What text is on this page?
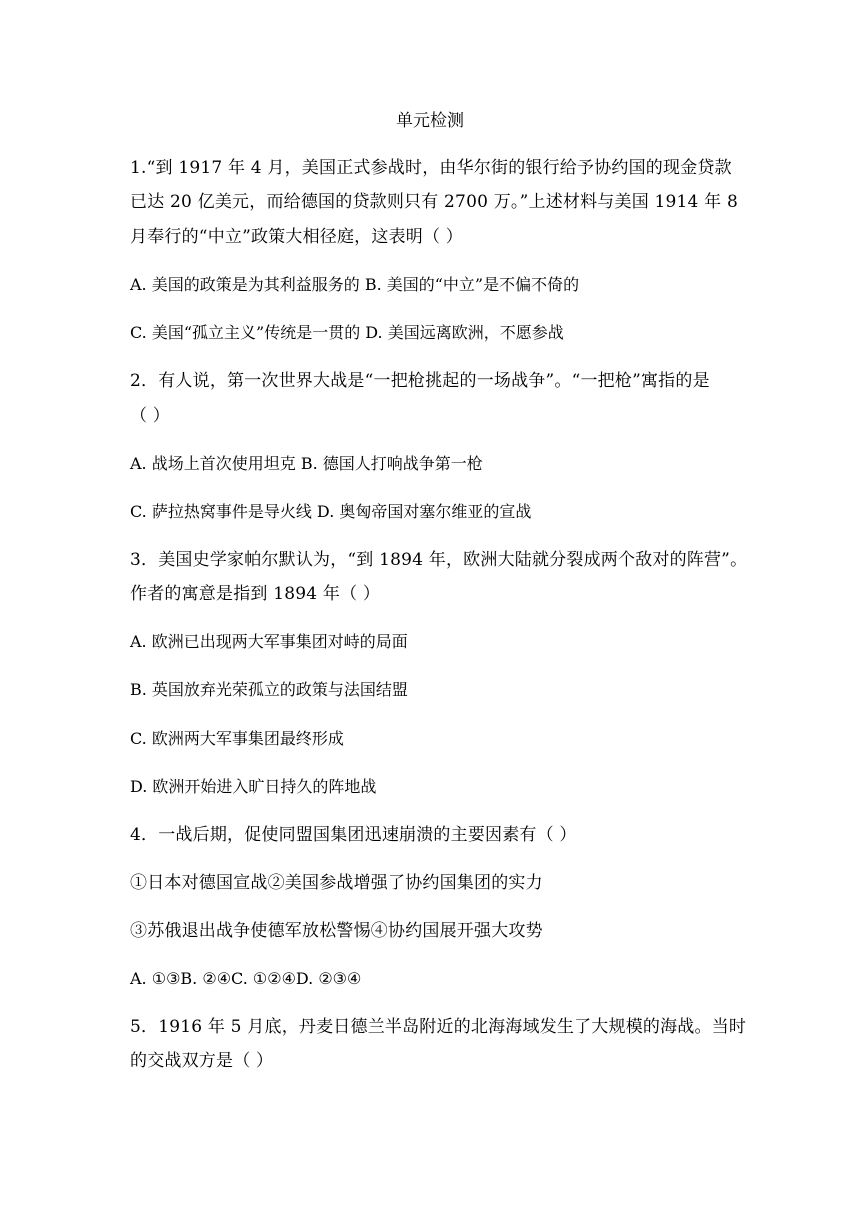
单元检测
1.“到 1917 年 4 月，美国正式参战时，由华尔街的银行给予协约国的现金贷款
已达 20 亿美元，而给德国的贷款则只有 2700 万。”上述材料与美国 1914 年 8
月奉行的“中立”政策大相径庭，这表明（ ）
A. 美国的政策是为其利益服务的 B. 美国的“中立”是不偏不倚的
C. 美国“孤立主义”传统是一贯的 D. 美国远离欧洲，不愿参战
2．有人说，第一次世界大战是“一把枪挑起的一场战争”。“一把枪”寓指的是
（ ）
A. 战场上首次使用坦克 B. 德国人打响战争第一枪
C. 萨拉热窝事件是导火线 D. 奥匈帝国对塞尔维亚的宣战
3．美国史学家帕尔默认为，“到 1894 年，欧洲大陆就分裂成两个敌对的阵营”。
作者的寓意是指到 1894 年（ ）
A. 欧洲已出现两大军事集团对峙的局面
B. 英国放弃光荣孤立的政策与法国结盟
C. 欧洲两大军事集团最终形成
D. 欧洲开始进入旷日持久的阵地战
4．一战后期，促使同盟国集团迅速崩溃的主要因素有（ ）
①日本对德国宣战②美国参战增强了协约国集团的实力
③苏俄退出战争使德军放松警惕④协约国展开强大攻势
A. ①③B. ②④C. ①②④D. ②③④
5．1916 年 5 月底，丹麦日德兰半岛附近的北海海域发生了大规模的海战。当时
的交战双方是（ ）
